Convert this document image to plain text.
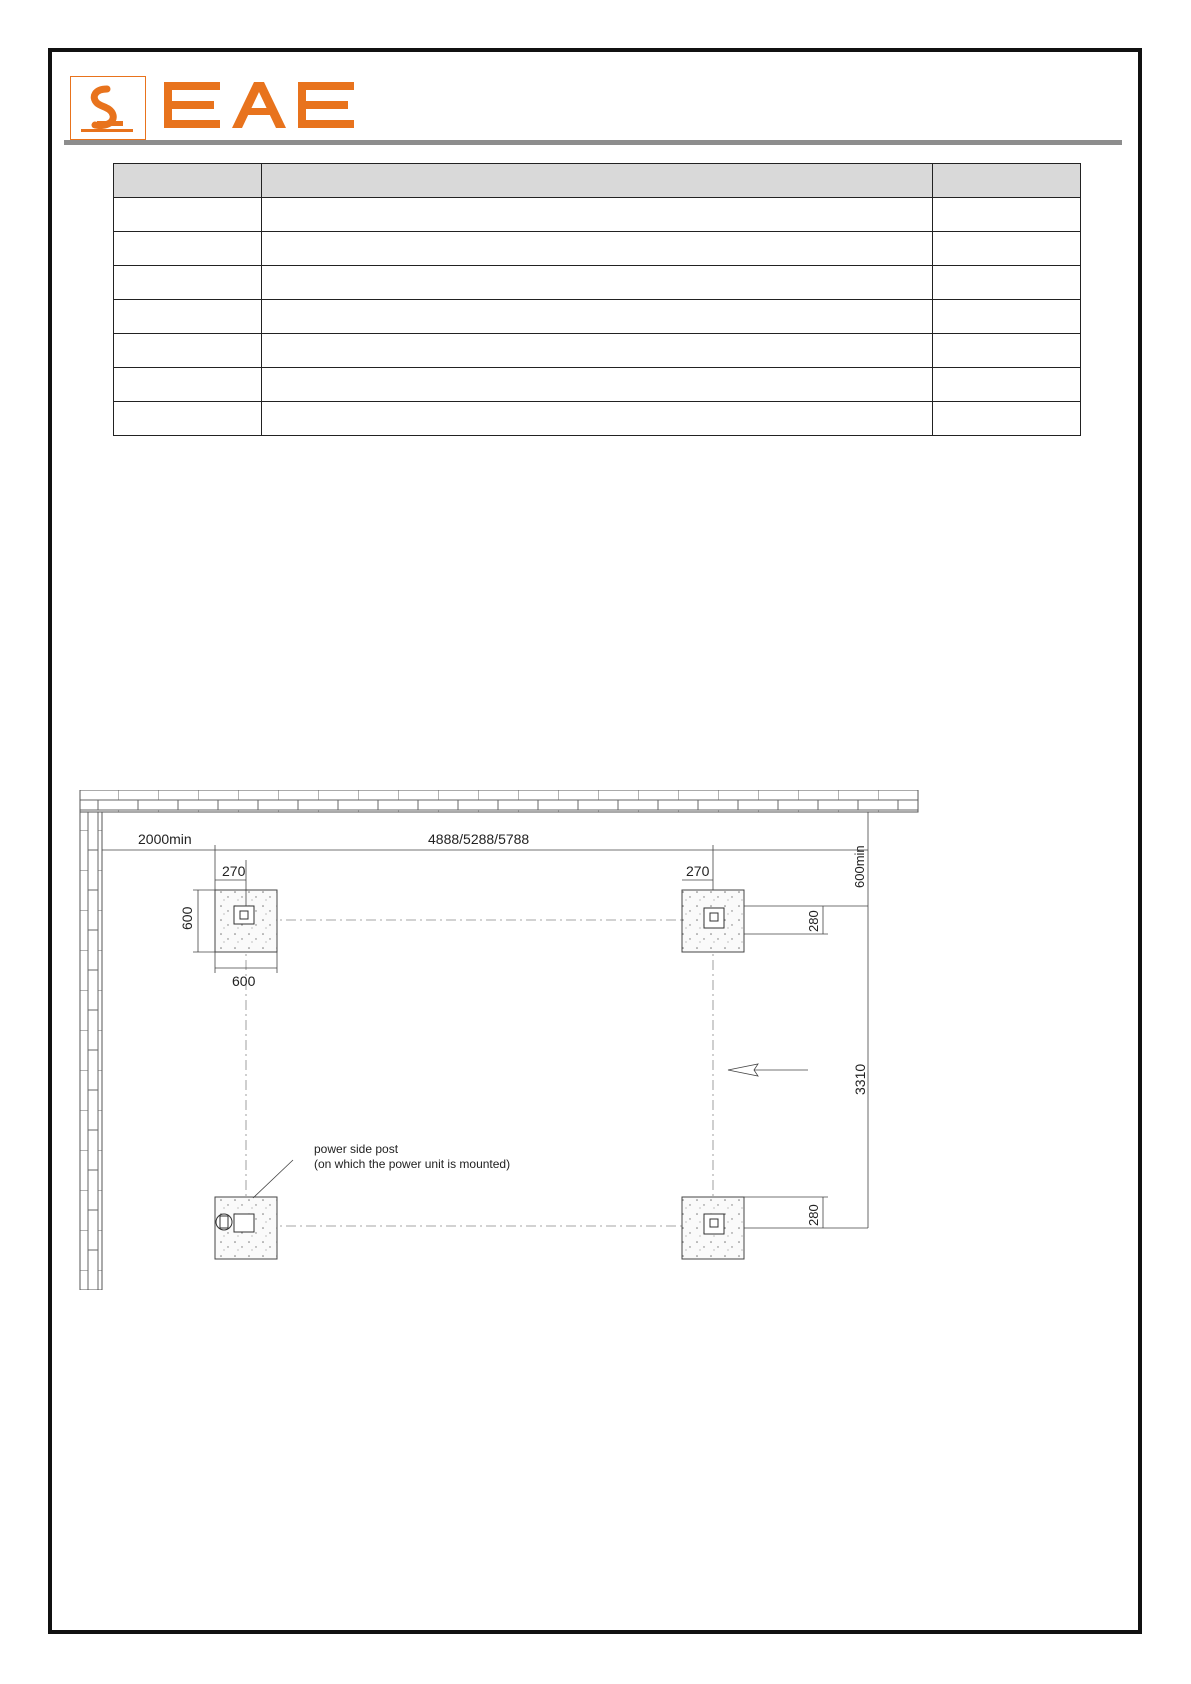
2000min	4888/5288/5788
270	270
600
600
600min
280
280
3310
power side post
(on which the power unit is mounted)
